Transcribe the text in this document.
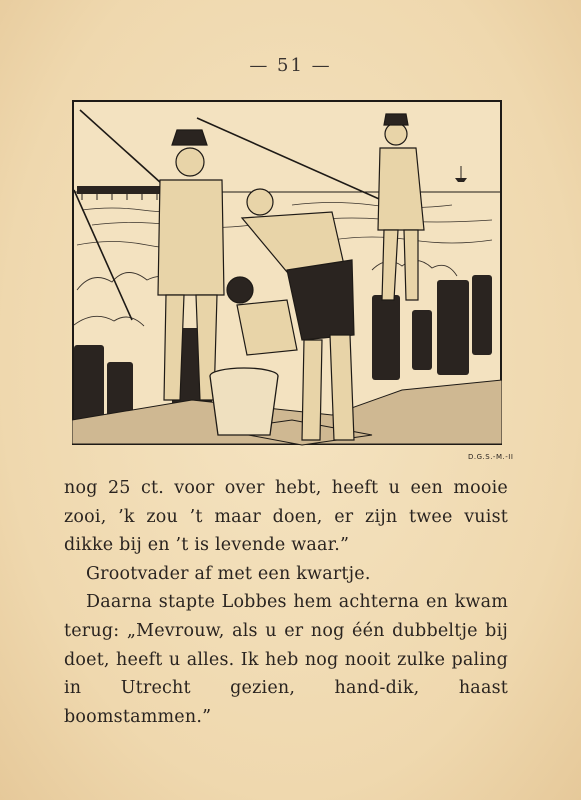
— 51 —
D.G.S.-M.-II
nog 25 ct. voor over hebt, heeft u een mooie
zooi, ’k zou ’t maar doen, er zijn twee vuist
dikke bij en ’t is levende waar.”
Grootvader af met een kwartje.
Daarna stapte Lobbes hem achterna en kwam
terug: „Mevrouw, als u er nog één dubbeltje bij
doet, heeft u alles. Ik heb nog nooit zulke paling
in Utrecht gezien, hand-dik, haast boomstammen.”
